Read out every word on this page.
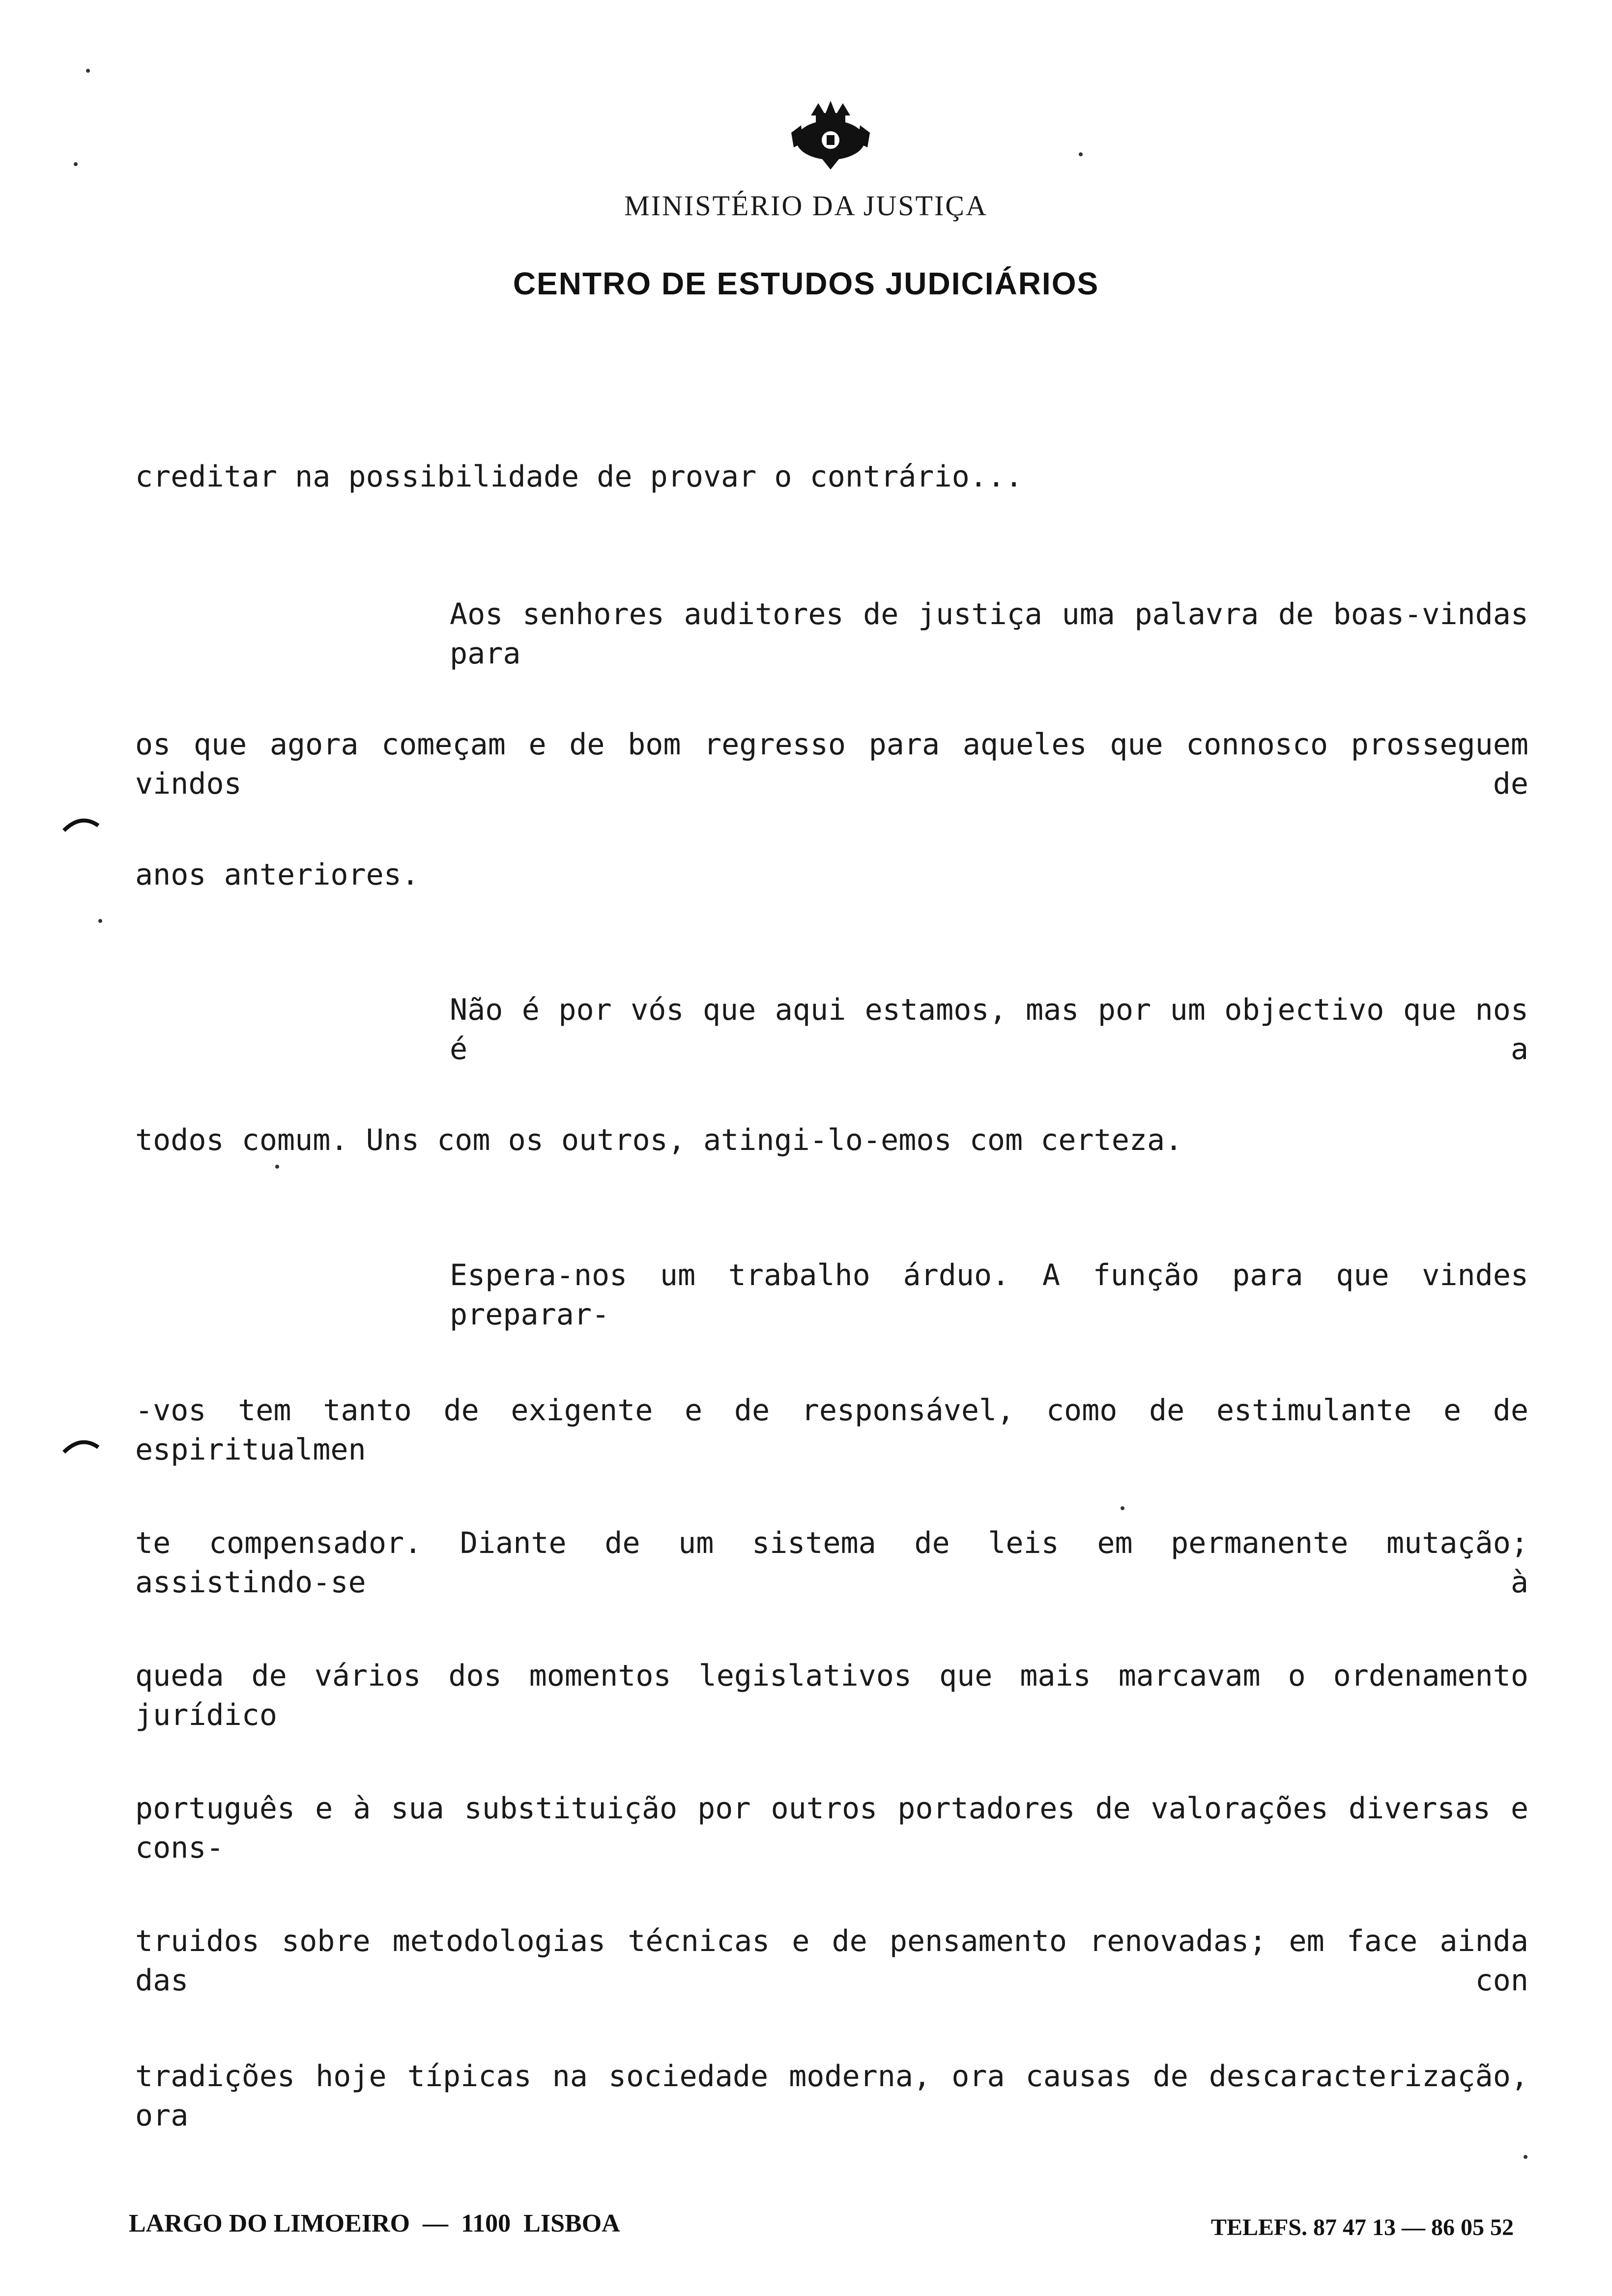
MINISTÉRIO DA JUSTIÇA
CENTRO DE ESTUDOS JUDICIÁRIOS
creditar na possibilidade de provar o contrário...
Aos senhores auditores de justiça uma palavra de boas-vindas para
os que agora começam e de bom regresso para aqueles que connosco prosseguem vindos de
anos anteriores.
Não é por vós que aqui estamos, mas por um objectivo que nos é a
todos comum. Uns com os outros, atingi-lo-emos com certeza.
Espera-nos um trabalho árduo. A função para que vindes preparar-
-vos tem tanto de exigente e de responsável, como de estimulante e de espiritualmen
te compensador. Diante de um sistema de leis em permanente mutação; assistindo-se à
queda de vários dos momentos legislativos que mais marcavam o ordenamento jurídico
português e à sua substituição por outros portadores de valorações diversas e cons-
truidos sobre metodologias técnicas e de pensamento renovadas; em face ainda das con
tradições hoje típicas na sociedade moderna, ora causas de descaracterização, ora
LARGO DO LIMOEIRO  —  1100  LISBOA	TELEFS. 87 47 13 — 86 05 52
